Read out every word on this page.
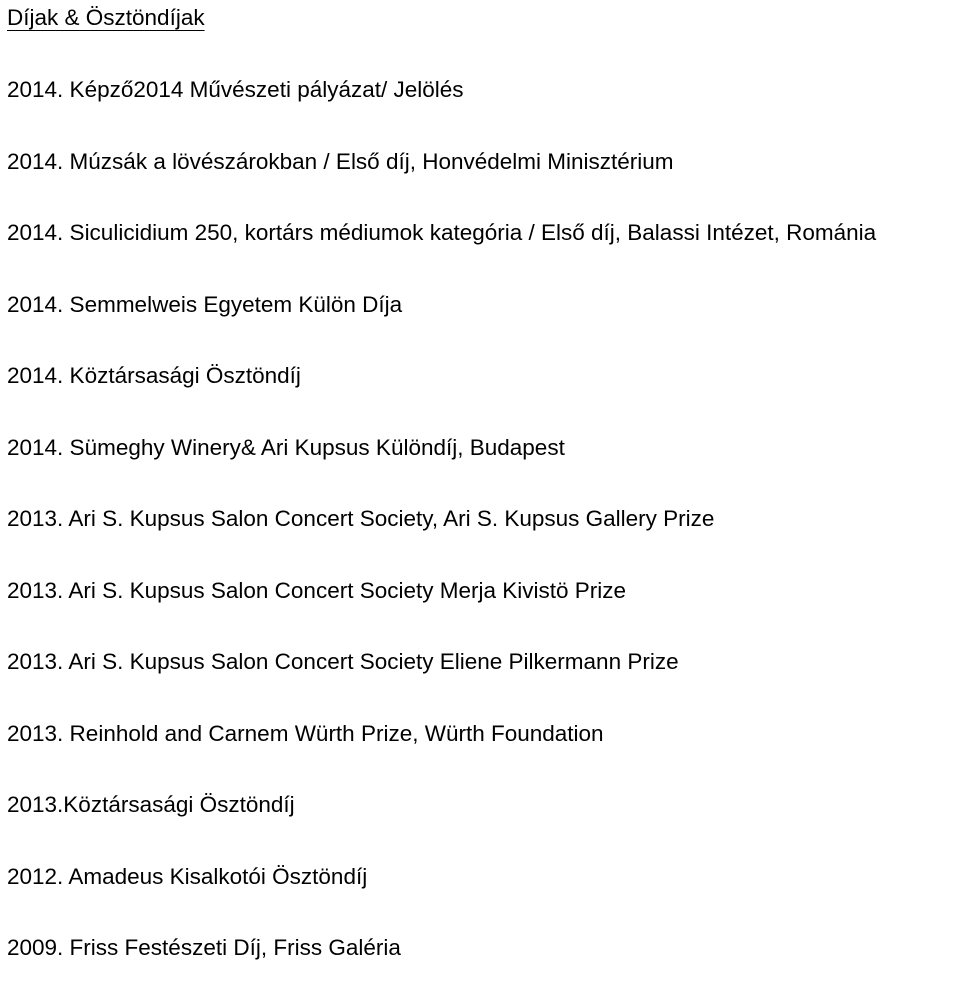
Díjak & Ösztöndíjak
2014. Képző2014 Művészeti pályázat/ Jelölés
2014. Múzsák a lövészárokban / Első díj, Honvédelmi Minisztérium
2014. Siculicidium 250, kortárs médiumok kategória / Első díj, Balassi Intézet, Románia
2014. Semmelweis Egyetem Külön Díja
2014. Köztársasági Ösztöndíj
2014. Sümeghy Winery& Ari Kupsus Különdíj, Budapest
2013. Ari S. Kupsus Salon Concert Society, Ari S. Kupsus Gallery Prize
2013. Ari S. Kupsus Salon Concert Society Merja Kivistö Prize
2013. Ari S. Kupsus Salon Concert Society Eliene Pilkermann Prize
2013. Reinhold and Carnem Würth Prize, Würth Foundation
2013.Köztársasági Ösztöndíj
2012. Amadeus Kisalkotói Ösztöndíj
2009. Friss Festészeti Díj, Friss Galéria
